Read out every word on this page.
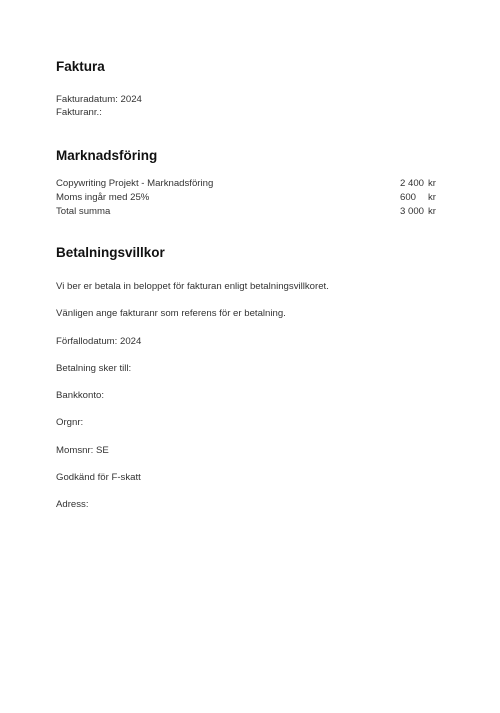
Faktura
Fakturadatum: 2024
Fakturanr.:
Marknadsföring
Copywriting Projekt - Marknadsföring	2 400 kr
Moms ingår med 25%	600 kr
Total summa	3 000 kr
Betalningsvillkor
Vi ber er betala in beloppet för fakturan enligt betalningsvillkoret.
Vänligen ange fakturanr som referens för er betalning.
Förfallodatum: 2024
Betalning sker till:
Bankkonto:
Orgnr:
Momsnr: SE
Godkänd för F-skatt
Adress:
